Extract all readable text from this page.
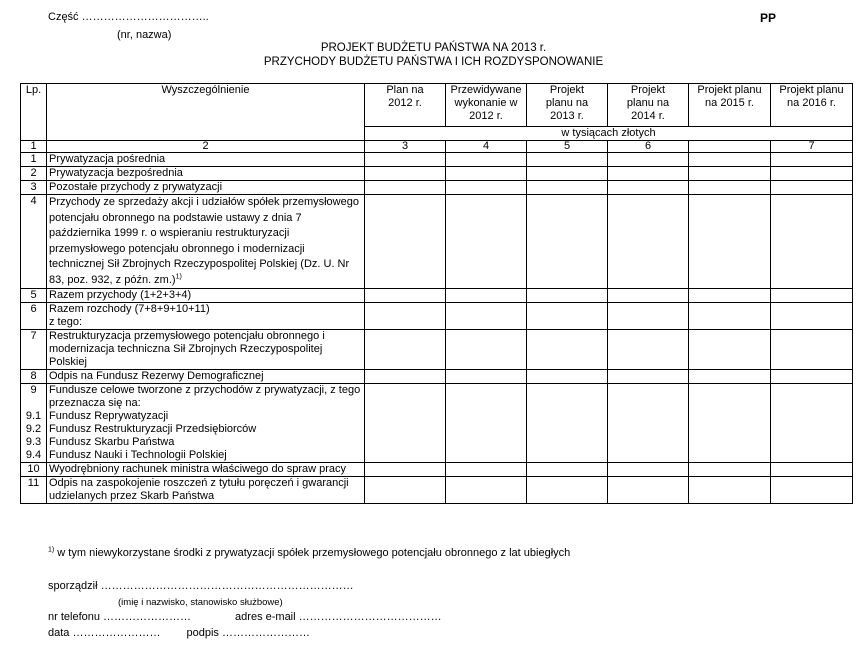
Część ……………………………..
(nr, nazwa)
PP
PROJEKT BUDŻETU PAŃSTWA NA 2013 r.
PRZYCHODY BUDŻETU PAŃSTWA I ICH ROZDYSPONOWANIE
Lp.	Wyszczególnienie	Plan na 2012 r.	Przewidywane wykonanie w 2012 r.	Projekt planu na 2013 r.	Projekt planu na 2014 r.	Projekt planu na 2015 r.	Projekt planu na 2016 r.
		w tysiącach złotych					
1	2	3	4	5	6		7
1	Prywatyzacja pośrednia						
2	Prywatyzacja bezpośrednia						
3	Pozostałe przychody z prywatyzacji						
4	Przychody ze sprzedaży akcji i udziałów spółek przemysłowego potencjału obronnego na podstawie ustawy z dnia 7 października 1999 r. o wspieraniu restrukturyzacji przemysłowego potencjału obronnego i modernizacji technicznej Sił Zbrojnych Rzeczypospolitej Polskiej (Dz. U. Nr 83, poz. 932, z późn. zm.)$^{1)}$						
5	Razem przychody (1+2+3+4)						
6	Razem rozchody (7+8+9+10+11)
z tego:						

7	Restrukturyzacja przemysłowego potencjału obronnego i modernizacja techniczna Sił Zbrojnych Rzeczypospolitej Polskiej						
8	Odpis na Fundusz Rezerwy Demograficznej						
9	Fundusze celowe tworzone z przychodów z prywatyzacji, z tego przeznacza się na:						
9.1	Fundusz Reprywatyzacji						
9.2	Fundusz Restrukturyzacji Przedsiębiorców						
9.3	Fundusz Skarbu Państwa						
9.4	Fundusz Nauki i Technologii Polskiej						
10	Wyodrębniony rachunek ministra właściwego do spraw pracy						
11	Odpis na zaspokojenie roszczeń z tytułu poręczeń i gwarancji udzielanych przez Skarb Państwa						
$^{1)}$ w tym niewykorzystane środki z prywatyzacji spółek przemysłowego potencjału obronnego z lat ubiegłych
sporządził ……………………………………………………………
(imię i nazwisko, stanowisko służbowe)
nr telefonu ……………………	adres e-mail …………………………………
data …………………… podpis ……………………
